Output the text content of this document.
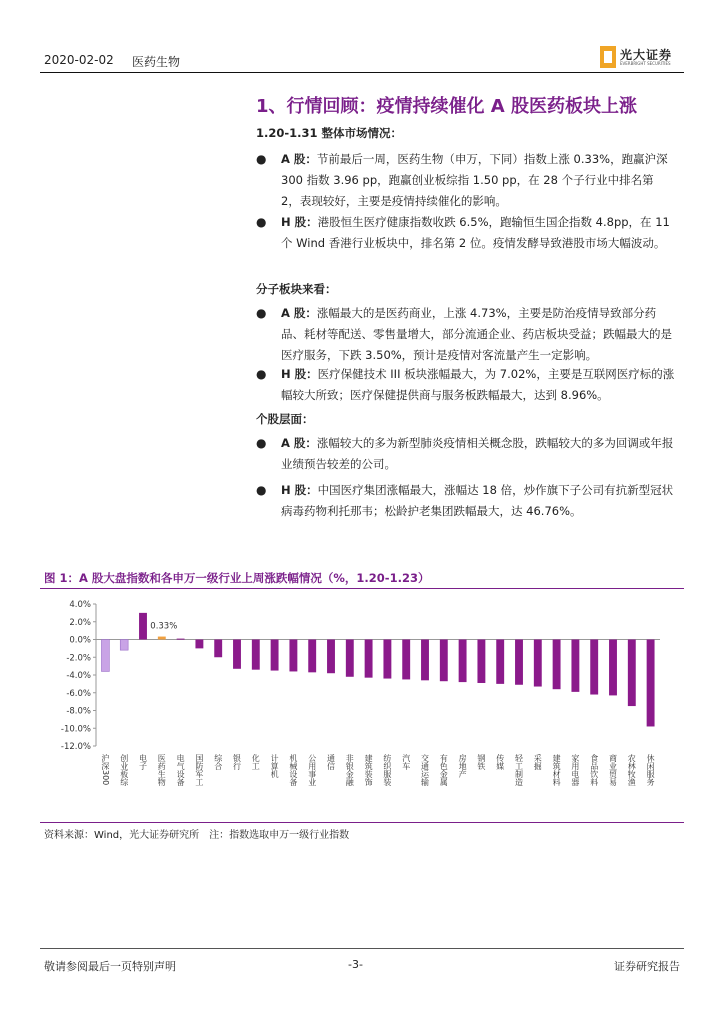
2020-02-02 医药生物	光大证券
EVERBRIGHT SECURITIES
1、行情回顾：疫情持续催化 A 股医药板块上涨
1.20-1.31 整体市场情况：
● A 股：节前最后一周，医药生物（申万，下同）指数上涨 0.33%，跑赢沪深 300 指数 3.96 pp，跑赢创业板综指 1.50 pp，在 28 个子行业中排名第 2，表现较好，主要是疫情持续催化的影响。
● H 股：港股恒生医疗健康指数收跌 6.5%，跑输恒生国企指数 4.8pp，在 11 个 Wind 香港行业板块中，排名第 2 位。疫情发酵导致港股市场大幅波动。
分子板块来看：
● A 股：涨幅最大的是医药商业，上涨 4.73%，主要是防治疫情导致部分药品、耗材等配送、零售量增大，部分流通企业、药店板块受益；跌幅最大的是医疗服务，下跌 3.50%，预计是疫情对客流量产生一定影响。
● H 股：医疗保健技术 III 板块涨幅最大，为 7.02%，主要是互联网医疗标的涨幅较大所致；医疗保健提供商与服务板跌幅最大，达到 8.96%。
个股层面：
● A 股：涨幅较大的多为新型肺炎疫情相关概念股，跌幅较大的多为回调或年报业绩预告较差的公司。
● H 股：中国医疗集团涨幅最大，涨幅达 18 倍，炒作旗下子公司有抗新型冠状病毒药物利托那韦；松龄护老集团跌幅最大，达 46.76%。
图 1：A 股大盘指数和各申万一级行业上周涨跌幅情况（%，1.20-1.23）
4.0%
2.0%
0.0%
-2.0%
-4.0%
-6.0%
-8.0%
-10.0%
-12.0%
沪深300 创业板综 电子 医药生物
0.33%
电气设备 国防军工 综合 银行 化工 计算机 机械设备 公用事业 通信 非银金融 建筑装饰 纺织服装 汽车 交通运输 有色金属 房地产 钢铁 传媒 轻工制造 采掘 建筑材料 家用电器 食品饮料 商业贸易 农林牧渔 休闲服务
资料来源：Wind，光大证券研究所　注：指数选取申万一级行业指数
敬请参阅最后一页特别声明	-3-	证券研究报告
